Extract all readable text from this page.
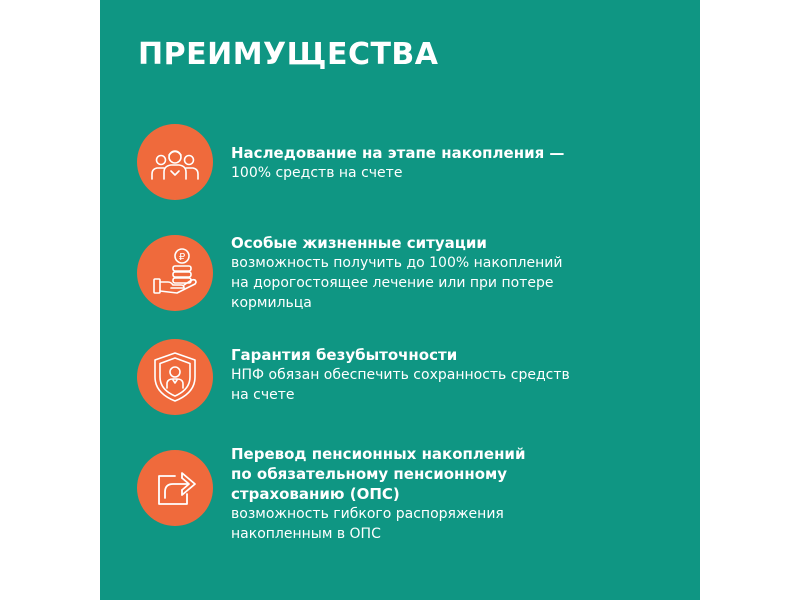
ПРЕИМУЩЕСТВА

Наследование на этапе накопления —

100% средств на счете

₽

Особые жизненные ситуации

возможность получить до 100% накоплений

на дорогостоящее лечение или при потере

кормильца

Гарантия безубыточности

НПФ обязан обеспечить сохранность средств

на счете

Перевод пенсионных накоплений

по обязательному пенсионному

страхованию (ОПС)

возможность гибкого распоряжения

накопленным в ОПС
